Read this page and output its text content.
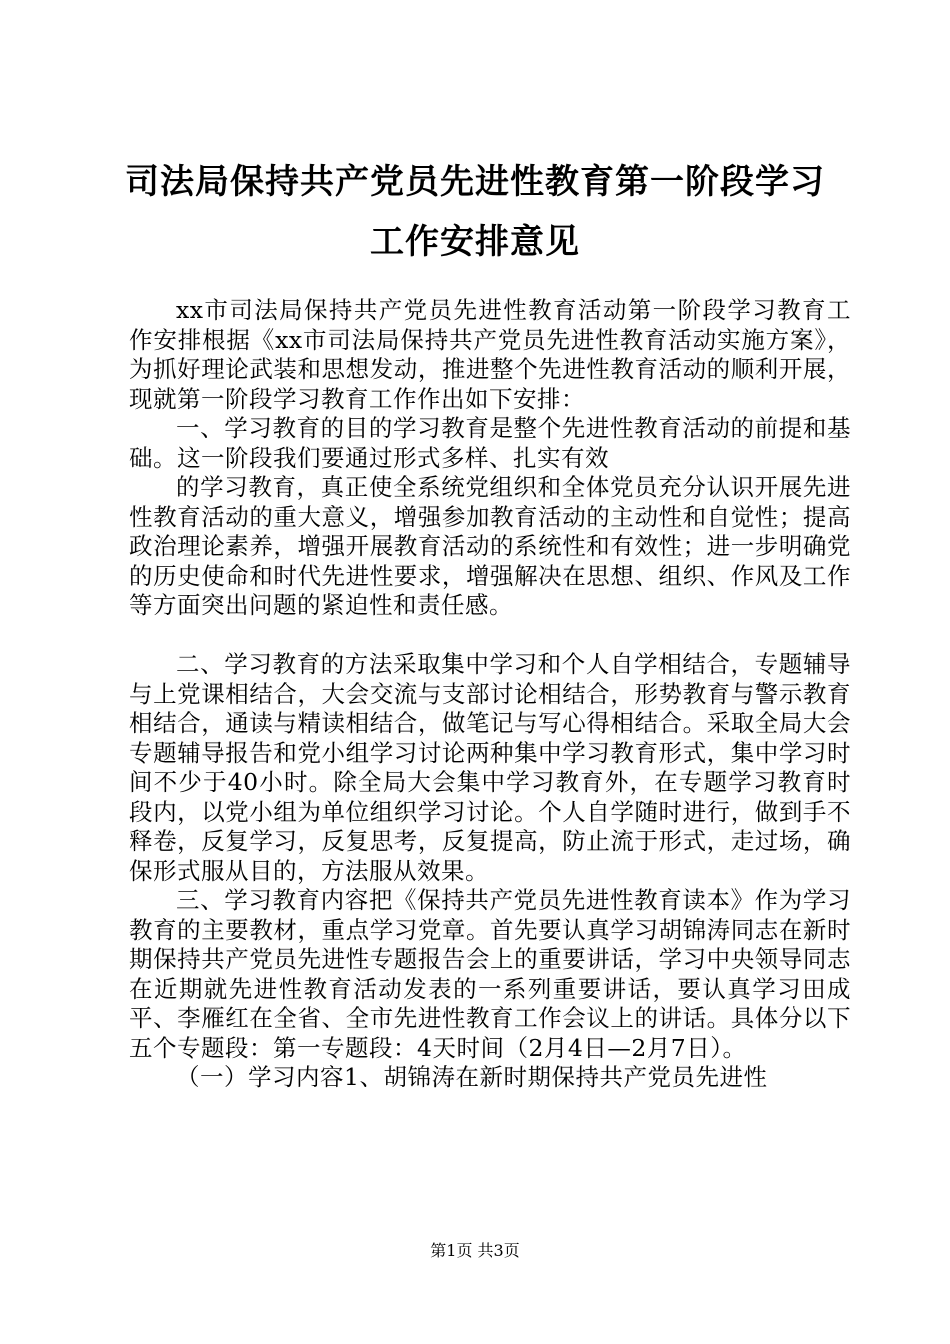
司法局保持共产党员先进性教育第一阶段学习工作安排意见

xx市司法局保持共产党员先进性教育活动第一阶段学习教育工作安排根据《xx市司法局保持共产党员先进性教育活动实施方案》，为抓好理论武装和思想发动，推进整个先进性教育活动的顺利开展，现就第一阶段学习教育工作作出如下安排：

一、学习教育的目的学习教育是整个先进性教育活动的前提和基础。这一阶段我们要通过形式多样、扎实有效

的学习教育，真正使全系统党组织和全体党员充分认识开展先进性教育活动的重大意义，增强参加教育活动的主动性和自觉性；提高政治理论素养，增强开展教育活动的系统性和有效性；进一步明确党的历史使命和时代先进性要求，增强解决在思想、组织、作风及工作等方面突出问题的紧迫性和责任感。

二、学习教育的方法采取集中学习和个人自学相结合，专题辅导与上党课相结合，大会交流与支部讨论相结合，形势教育与警示教育相结合，通读与精读相结合，做笔记与写心得相结合。采取全局大会专题辅导报告和党小组学习讨论两种集中学习教育形式，集中学习时间不少于40小时。除全局大会集中学习教育外，在专题学习教育时段内，以党小组为单位组织学习讨论。个人自学随时进行，做到手不释卷，反复学习，反复思考，反复提高，防止流于形式，走过场，确保形式服从目的，方法服从效果。

三、学习教育内容把《保持共产党员先进性教育读本》作为学习教育的主要教材，重点学习党章。首先要认真学习胡锦涛同志在新时期保持共产党员先进性专题报告会上的重要讲话，学习中央领导同志在近期就先进性教育活动发表的一系列重要讲话，要认真学习田成平、李雁红在全省、全市先进性教育工作会议上的讲话。具体分以下五个专题段：第一专题段：4天时间（2月4日—2月7日）。

（一）学习内容1、胡锦涛在新时期保持共产党员先进性

第1页 共3页
